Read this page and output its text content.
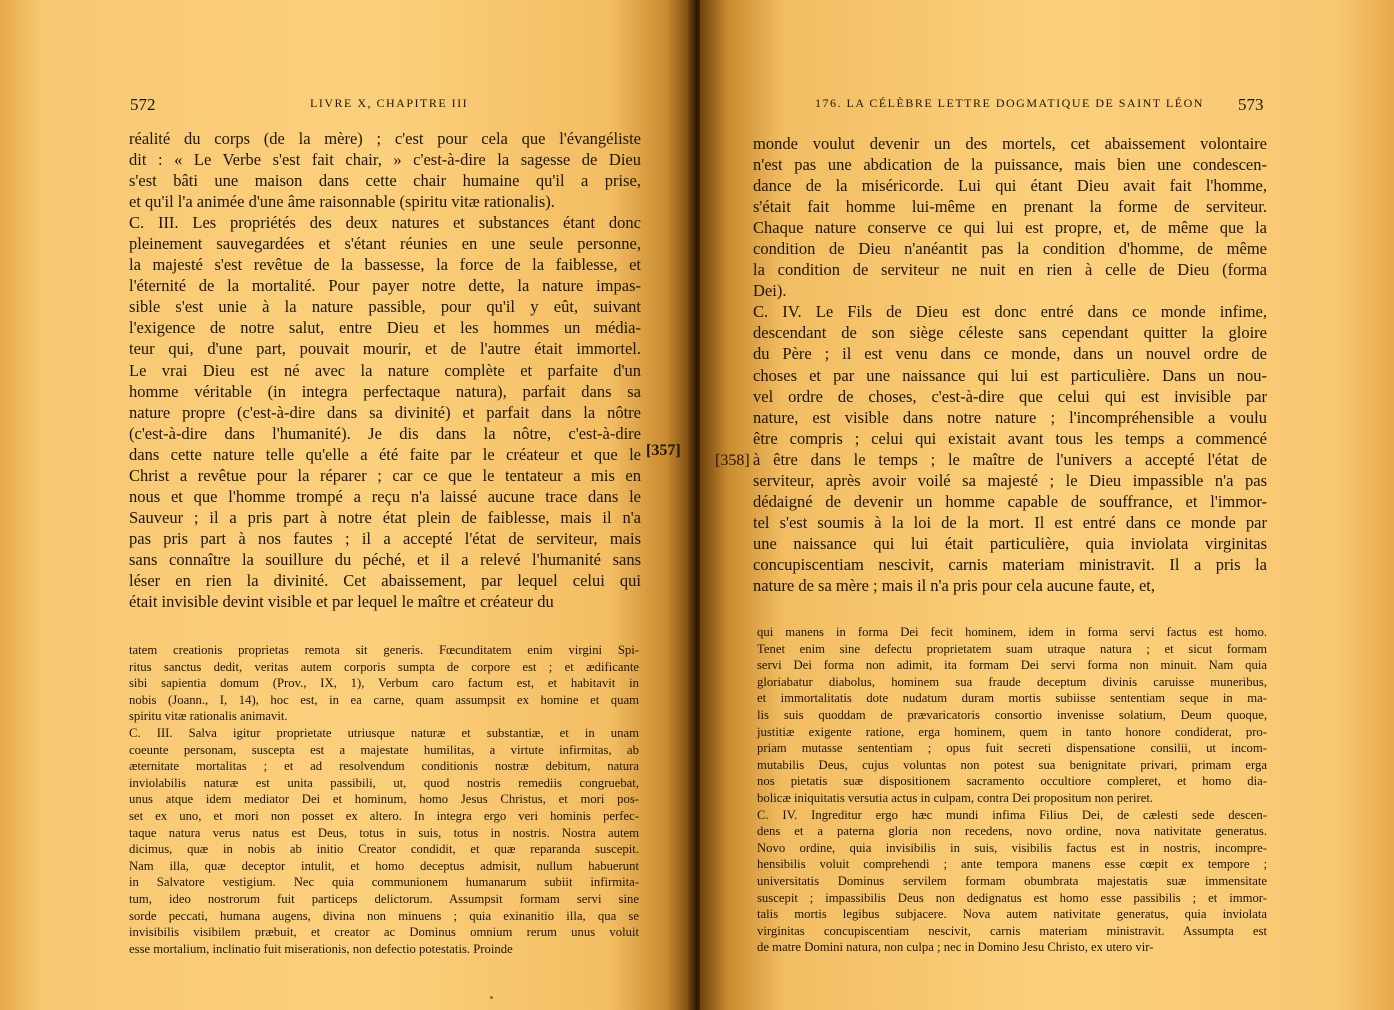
572	LIVRE X, CHAPITRE III
réalité du corps (de la mère) ; c'est pour cela que l'évangéliste
dit : « Le Verbe s'est fait chair, » c'est-à-dire la sagesse de Dieu
s'est bâti une maison dans cette chair humaine qu'il a prise,
et qu'il l'a animée d'une âme raisonnable (spiritu vitæ rationalis).
C. III. Les propriétés des deux natures et substances étant donc
pleinement sauvegardées et s'étant réunies en une seule personne,
la majesté s'est revêtue de la bassesse, la force de la faiblesse, et
l'éternité de la mortalité. Pour payer notre dette, la nature impas-
sible s'est unie à la nature passible, pour qu'il y eût, suivant
l'exigence de notre salut, entre Dieu et les hommes un média-
teur qui, d'une part, pouvait mourir, et de l'autre était immortel.
Le vrai Dieu est né avec la nature complète et parfaite d'un
homme véritable (in integra perfectaque natura), parfait dans sa
nature propre (c'est-à-dire dans sa divinité) et parfait dans la nôtre
(c'est-à-dire dans l'humanité). Je dis dans la nôtre, c'est-à-dire
dans cette nature telle qu'elle a été faite par le créateur et que le
Christ a revêtue pour la réparer ; car ce que le tentateur a mis en
nous et que l'homme trompé a reçu n'a laissé aucune trace dans le
Sauveur ; il a pris part à notre état plein de faiblesse, mais il n'a
pas pris part à nos fautes ; il a accepté l'état de serviteur, mais
sans connaître la souillure du péché, et il a relevé l'humanité sans
léser en rien la divinité. Cet abaissement, par lequel celui qui
était invisible devint visible et par lequel le maître et créateur du
tatem creationis proprietas remota sit generis. Fœcunditatem enim virgini Spi-
ritus sanctus dedit, veritas autem corporis sumpta de corpore est ; et ædificante
sibi sapientia domum (Prov., IX, 1), Verbum caro factum est, et habitavit in
nobis (Joann., I, 14), hoc est, in ea carne, quam assumpsit ex homine et quam
spiritu vitæ rationalis animavit.
C. III. Salva igitur proprietate utriusque naturæ et substantiæ, et in unam
coeunte personam, suscepta est a majestate humilitas, a virtute infirmitas, ab
æternitate mortalitas ; et ad resolvendum conditionis nostræ debitum, natura
inviolabilis naturæ est unita passibili, ut, quod nostris remediis congruebat,
unus atque idem mediator Dei et hominum, homo Jesus Christus, et mori pos-
set ex uno, et mori non posset ex altero. In integra ergo veri hominis perfec-
taque natura verus natus est Deus, totus in suis, totus in nostris. Nostra autem
dicimus, quæ in nobis ab initio Creator condidit, et quæ reparanda suscepit.
Nam illa, quæ deceptor intulit, et homo deceptus admisit, nullum habuerunt
in Salvatore vestigium. Nec quia communionem humanarum subiit infirmita-
tum, ideo nostrorum fuit particeps delictorum. Assumpsit formam servi sine
sorde peccati, humana augens, divina non minuens ; quia exinanitio illa, qua se
invisibilis visibilem præbuit, et creator ac Dominus omnium rerum unus voluit
esse mortalium, inclinatio fuit miserationis, non defectio potestatis. Proinde
[357]
176. LA CÉLÈBRE LETTRE DOGMATIQUE DE SAINT LÉON 573
monde voulut devenir un des mortels, cet abaissement volontaire
n'est pas une abdication de la puissance, mais bien une condescen-
dance de la miséricorde. Lui qui étant Dieu avait fait l'homme,
s'était fait homme lui-même en prenant la forme de serviteur.
Chaque nature conserve ce qui lui est propre, et, de même que la
condition de Dieu n'anéantit pas la condition d'homme, de même
la condition de serviteur ne nuit en rien à celle de Dieu (forma
Dei).
C. IV. Le Fils de Dieu est donc entré dans ce monde infime,
descendant de son siège céleste sans cependant quitter la gloire
du Père ; il est venu dans ce monde, dans un nouvel ordre de
choses et par une naissance qui lui est particulière. Dans un nou-
vel ordre de choses, c'est-à-dire que celui qui est invisible par
nature, est visible dans notre nature ; l'incompréhensible a voulu
être compris ; celui qui existait avant tous les temps a commencé
à être dans le temps ; le maître de l'univers a accepté l'état de
serviteur, après avoir voilé sa majesté ; le Dieu impassible n'a pas
dédaigné de devenir un homme capable de souffrance, et l'immor-
tel s'est soumis à la loi de la mort. Il est entré dans ce monde par
une naissance qui lui était particulière, quia inviolata virginitas
concupiscentiam nescivit, carnis materiam ministravit. Il a pris la
nature de sa mère ; mais il n'a pris pour cela aucune faute, et,
qui manens in forma Dei fecit hominem, idem in forma servi factus est homo.
Tenet enim sine defectu proprietatem suam utraque natura ; et sicut formam
servi Dei forma non adimit, ita formam Dei servi forma non minuit. Nam quia
gloriabatur diabolus, hominem sua fraude deceptum divinis caruisse muneribus,
et immortalitatis dote nudatum duram mortis subiisse sententiam seque in ma-
lis suis quoddam de prævaricatoris consortio invenisse solatium, Deum quoque,
justitiæ exigente ratione, erga hominem, quem in tanto honore condiderat, pro-
priam mutasse sententiam ; opus fuit secreti dispensatione consilii, ut incom-
mutabilis Deus, cujus voluntas non potest sua benignitate privari, primam erga
nos pietatis suæ dispositionem sacramento occultiore compleret, et homo dia-
bolicæ iniquitatis versutia actus in culpam, contra Dei propositum non periret.
C. IV. Ingreditur ergo hæc mundi infima Filius Dei, de cælesti sede descen-
dens et a paterna gloria non recedens, novo ordine, nova nativitate generatus.
Novo ordine, quia invisibilis in suis, visibilis factus est in nostris, incompre-
hensibilis voluit comprehendi ; ante tempora manens esse cœpit ex tempore ;
universitatis Dominus servilem formam obumbrata majestatis suæ immensitate
suscepit ; impassibilis Deus non dedignatus est homo esse passibilis ; et immor-
talis mortis legibus subjacere. Nova autem nativitate generatus, quia inviolata
virginitas concupiscentiam nescivit, carnis materiam ministravit. Assumpta est
de matre Domini natura, non culpa ; nec in Domino Jesu Christo, ex utero vir-
[358]
